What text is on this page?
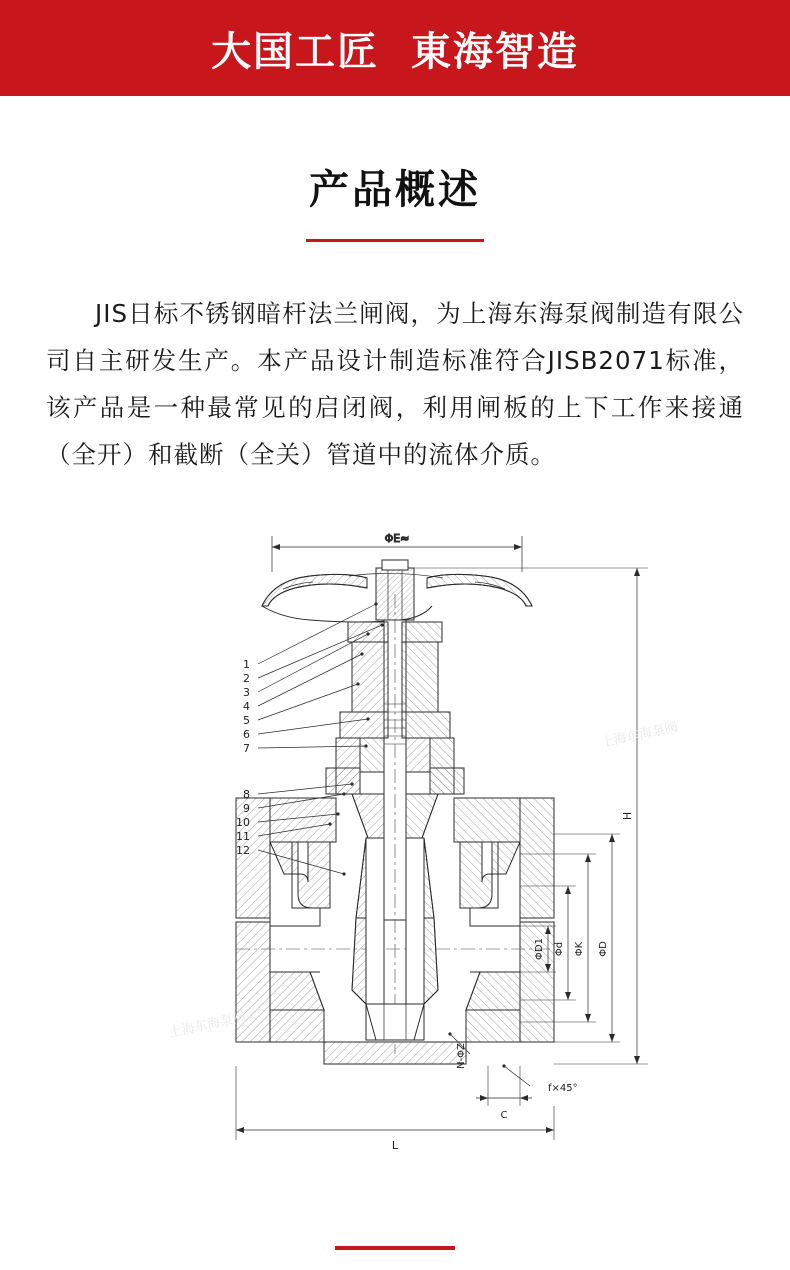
大国工匠  東海智造
产品概述
JIS日标不锈钢暗杆法兰闸阀，为上海东海泵阀制造有限公司自主研发生产。本产品设计制造标准符合JISB2071标准，该产品是一种最常见的启闭阀，利用闸板的上下工作来接通（全开）和截断（全关）管道中的流体介质。
ΦE≈
1
2
3
4
5
6
7
8
9
10
11
12
H
ΦD1 Φd ΦK ΦD
N-ΦZ
f×45°
C
L
上海东海泵阀
上海东海泵阀
